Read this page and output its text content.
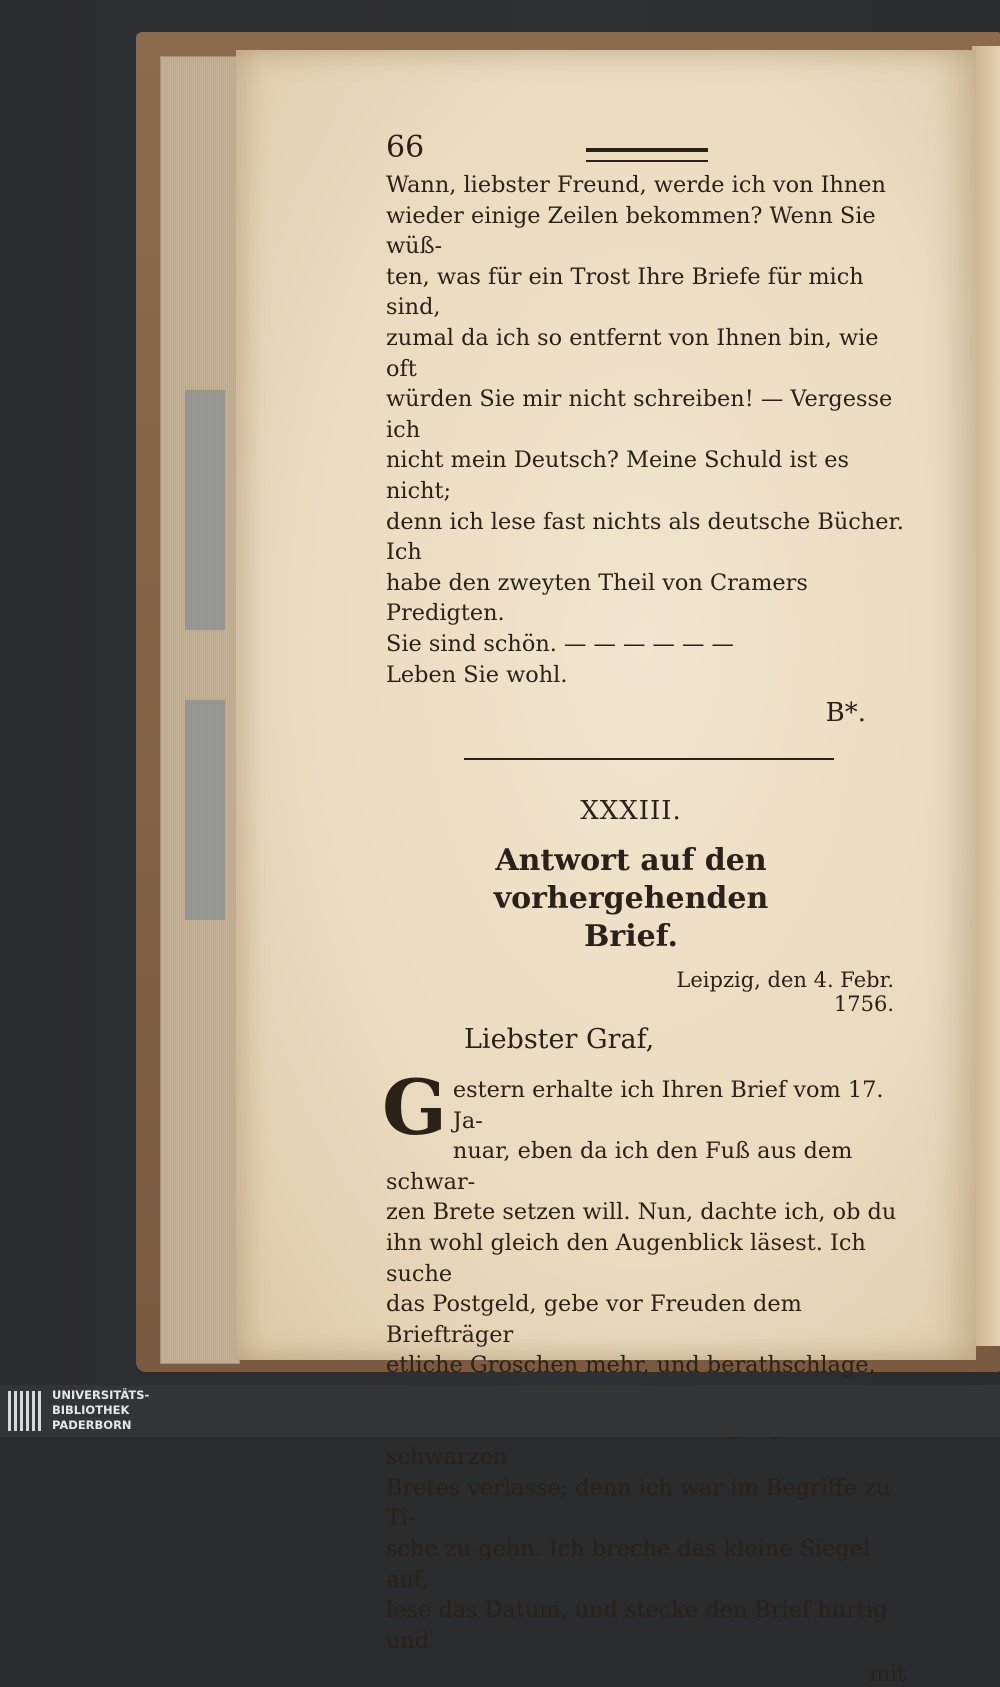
66

Wann, liebster Freund, werde ich von Ihnen
wieder einige Zeilen bekommen? Wenn Sie wüß-
ten, was für ein Trost Ihre Briefe für mich sind,
zumal da ich so entfernt von Ihnen bin, wie oft
würden Sie mir nicht schreiben! — Vergesse ich
nicht mein Deutsch? Meine Schuld ist es nicht;
denn ich lese fast nichts als deutsche Bücher. Ich
habe den zweyten Theil von Cramers Predigten.
Sie sind schön. — — — — — —
Leben Sie wohl.

B*.
XXXIII.
Antwort auf den vorhergehenden
Brief.
Leipzig, den 4. Febr.
1756.
Liebster Graf,
G estern erhalte ich Ihren Brief vom 17. Ja-
nuar, eben da ich den Fuß aus dem schwar-
zen Brete setzen will. Nun, dachte ich, ob du
ihn wohl gleich den Augenblick läsest. Ich suche
das Postgeld, gebe vor Freuden dem Briefträger
etliche Groschen mehr, und berathschlage,
schwarzen
Bretes verlasse; denn ich war im Begriffe zu Ti-
sche zu gehn. Ich breche das kleine Siegel auf,
lese das Datum, und stecke den Brief hurtig und

mit
UNIVERSITÄTS-
BIBLIOTHEK
PADERBORN
